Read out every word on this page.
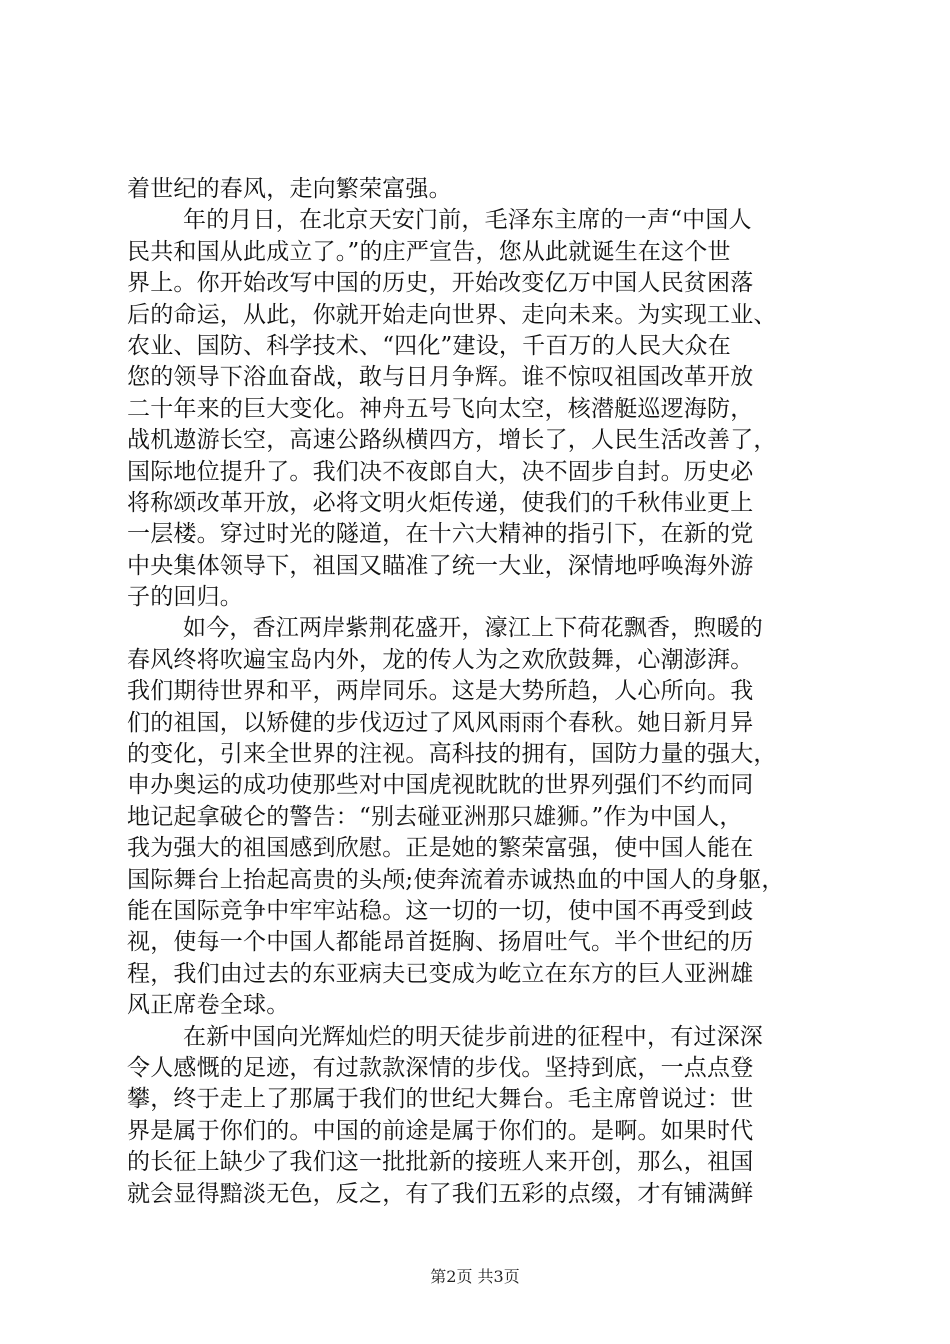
着世纪的春风，走向繁荣富强。
年的月日，在北京天安门前，毛泽东主席的一声“中国人
民共和国从此成立了。”的庄严宣告，您从此就诞生在这个世
界上。你开始改写中国的历史，开始改变亿万中国人民贫困落
后的命运，从此，你就开始走向世界、走向未来。为实现工业、
农业、国防、科学技术、“四化”建设，千百万的人民大众在
您的领导下浴血奋战，敢与日月争辉。谁不惊叹祖国改革开放
二十年来的巨大变化。神舟五号飞向太空，核潜艇巡逻海防，
战机遨游长空，高速公路纵横四方，增长了，人民生活改善了，
国际地位提升了。我们决不夜郎自大，决不固步自封。历史必
将称颂改革开放，必将文明火炬传递，使我们的千秋伟业更上
一层楼。穿过时光的隧道，在十六大精神的指引下，在新的党
中央集体领导下，祖国又瞄准了统一大业，深情地呼唤海外游
子的回归。
如今，香江两岸紫荆花盛开，濠江上下荷花飘香，煦暖的
春风终将吹遍宝岛内外，龙的传人为之欢欣鼓舞，心潮澎湃。
我们期待世界和平，两岸同乐。这是大势所趋，人心所向。我
们的祖国，以矫健的步伐迈过了风风雨雨个春秋。她日新月异
的变化，引来全世界的注视。高科技的拥有，国防力量的强大，
申办奥运的成功使那些对中国虎视眈眈的世界列强们不约而同
地记起拿破仑的警告：“别去碰亚洲那只雄狮。”作为中国人，
我为强大的祖国感到欣慰。正是她的繁荣富强，使中国人能在
国际舞台上抬起高贵的头颅;使奔流着赤诚热血的中国人的身躯，
能在国际竞争中牢牢站稳。这一切的一切，使中国不再受到歧
视，使每一个中国人都能昂首挺胸、扬眉吐气。半个世纪的历
程，我们由过去的东亚病夫已变成为屹立在东方的巨人亚洲雄
风正席卷全球。
在新中国向光辉灿烂的明天徒步前进的征程中，有过深深
令人感慨的足迹，有过款款深情的步伐。坚持到底，一点点登
攀，终于走上了那属于我们的世纪大舞台。毛主席曾说过：世
界是属于你们的。中国的前途是属于你们的。是啊。如果时代
的长征上缺少了我们这一批批新的接班人来开创，那么，祖国
就会显得黯淡无色，反之，有了我们五彩的点缀，才有铺满鲜
第2页 共3页
